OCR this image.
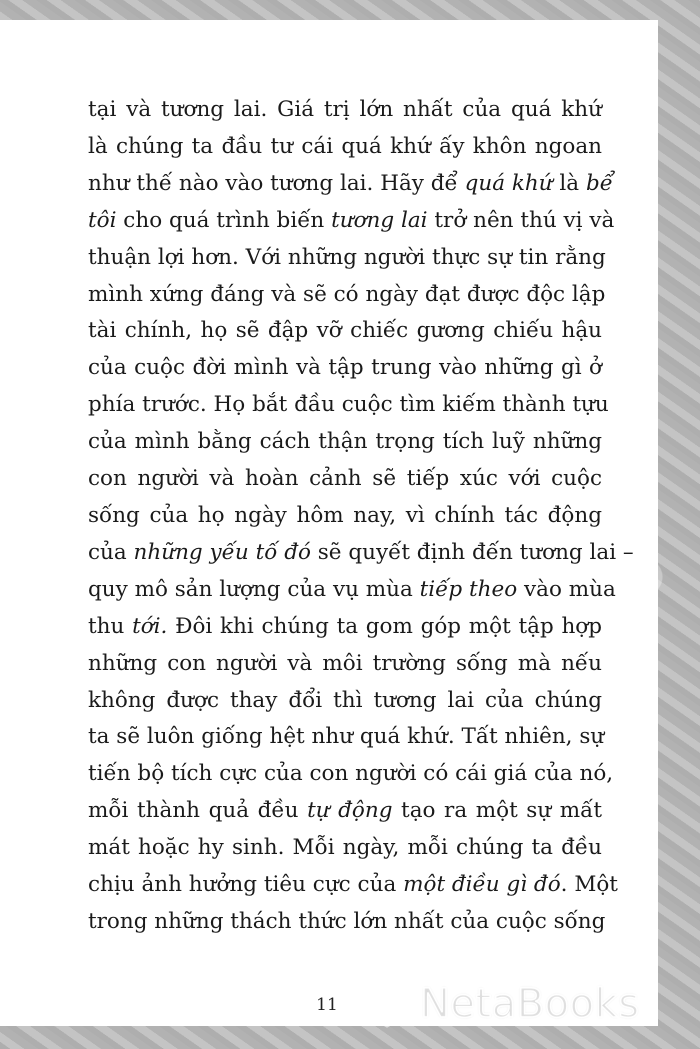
tại và tương lai. Giá trị lớn nhất của quá khứ
là chúng ta đầu tư cái quá khứ ấy khôn ngoan
như thế nào vào tương lai. Hãy để quá khứ là bể
tôi cho quá trình biến tương lai trở nên thú vị và
thuận lợi hơn. Với những người thực sự tin rằng
mình xứng đáng và sẽ có ngày đạt được độc lập
tài chính, họ sẽ đập vỡ chiếc gương chiếu hậu
của cuộc đời mình và tập trung vào những gì ở
phía trước. Họ bắt đầu cuộc tìm kiếm thành tựu
của mình bằng cách thận trọng tích luỹ những
con người và hoàn cảnh sẽ tiếp xúc với cuộc
sống của họ ngày hôm nay, vì chính tác động
của những yếu tố đó sẽ quyết định đến tương lai –
quy mô sản lượng của vụ mùa tiếp theo vào mùa
thu tới. Đôi khi chúng ta gom góp một tập hợp
những con người và môi trường sống mà nếu
không được thay đổi thì tương lai của chúng
ta sẽ luôn giống hệt như quá khứ. Tất nhiên, sự
tiến bộ tích cực của con người có cái giá của nó,
mỗi thành quả đều tự động tạo ra một sự mất
mát hoặc hy sinh. Mỗi ngày, mỗi chúng ta đều
chịu ảnh hưởng tiêu cực của một điều gì đó. Một
trong những thách thức lớn nhất của cuộc sống
11	NetaBooks
